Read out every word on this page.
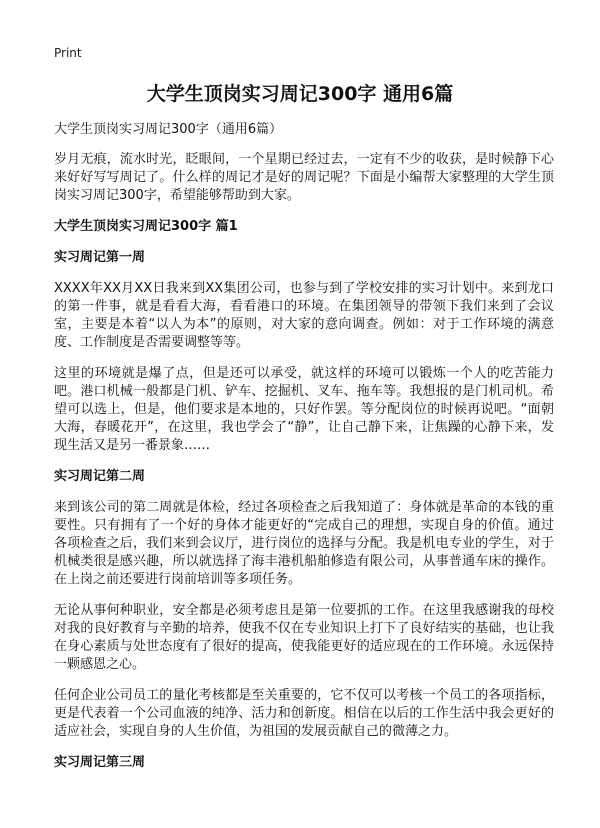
Print
大学生顶岗实习周记300字 通用6篇
大学生顶岗实习周记300字（通用6篇）

岁月无痕，流水时光，眨眼间，一个星期已经过去，一定有不少的收获，是时候静下心来好好写写周记了。什么样的周记才是好的周记呢？下面是小编帮大家整理的大学生顶岗实习周记300字，希望能够帮助到大家。

大学生顶岗实习周记300字 篇1
实习周记第一周

XXXX年XX月XX日我来到XX集团公司，也参与到了学校安排的实习计划中。来到龙口的第一件事，就是看看大海，看看港口的环境。在集团领导的带领下我们来到了会议室，主要是本着“以人为本”的原则，对大家的意向调查。例如：对于工作环境的满意度、工作制度是否需要调整等等。

这里的环境就是爆了点，但是还可以承受，就这样的环境可以锻炼一个人的吃苦能力吧。港口机械一般都是门机、铲车、挖掘机、叉车、拖车等。我想报的是门机司机。希望可以选上，但是，他们要求是本地的，只好作罢。等分配岗位的时候再说吧。“面朝大海，春暖花开”，在这里，我也学会了“静”，让自己静下来，让焦躁的心静下来，发现生活又是另一番景象……

实习周记第二周

来到该公司的第二周就是体检，经过各项检查之后我知道了：身体就是革命的本钱的重要性。只有拥有了一个好的身体才能更好的“完成自己的理想，实现自身的价值。通过各项检查之后，我们来到会议厅，进行岗位的选择与分配。我是机电专业的学生，对于机械类很是感兴趣，所以就选择了海丰港机船舶修造有限公司，从事普通车床的操作。在上岗之前还要进行岗前培训等多项任务。

无论从事何种职业，安全都是必须考虑且是第一位要抓的工作。在这里我感谢我的母校对我的良好教育与辛勤的培养，使我不仅在专业知识上打下了良好结实的基础，也让我在身心素质与处世态度有了很好的提高，使我能更好的适应现在的工作环境。永远保持一颗感恩之心。

任何企业公司员工的量化考核都是至关重要的，它不仅可以考核一个员工的各项指标，更是代表着一个公司血液的纯净、活力和创新度。相信在以后的工作生活中我会更好的适应社会，实现自身的人生价值，为祖国的发展贡献自己的微薄之力。

实习周记第三周
